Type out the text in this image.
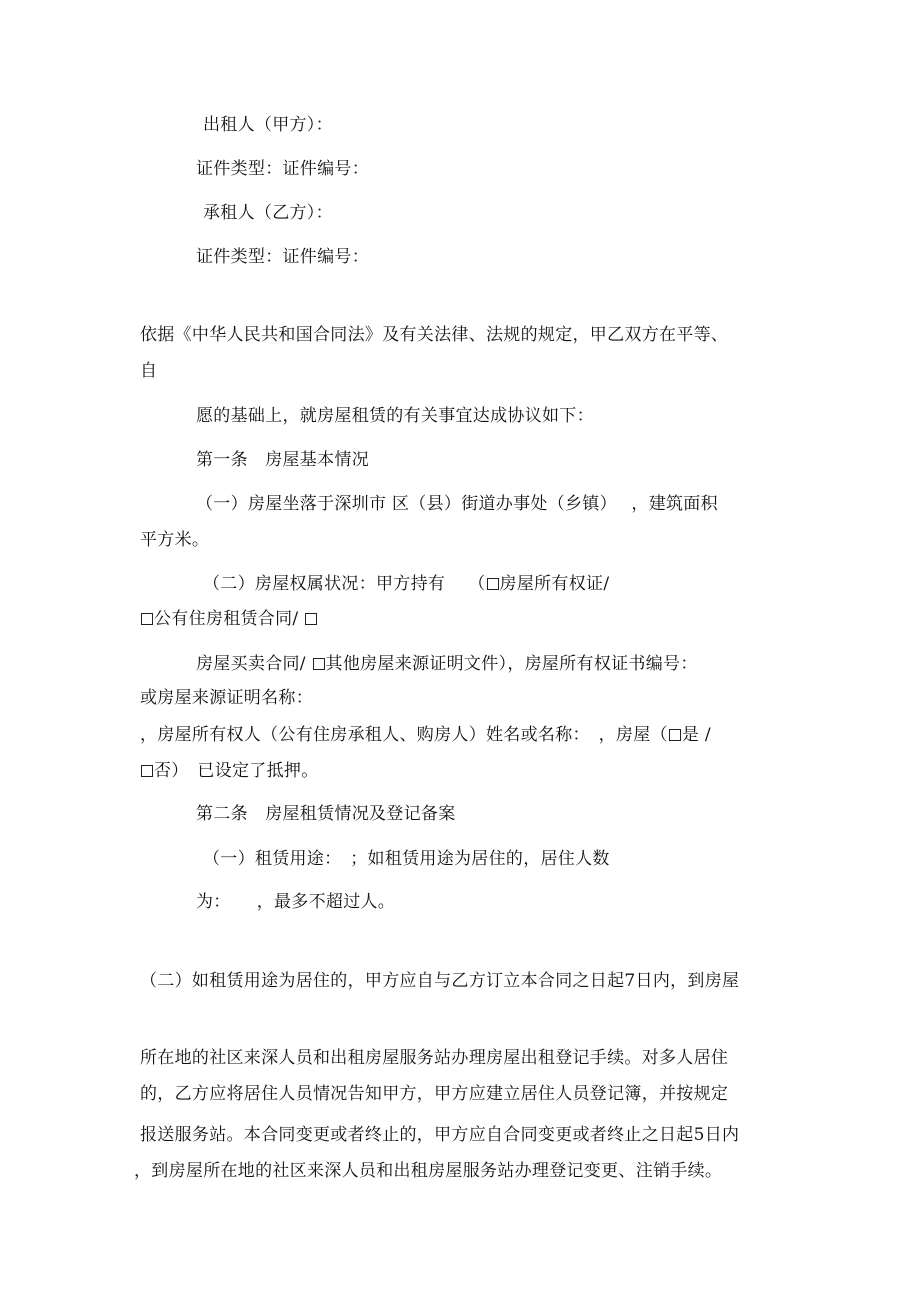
出租人（甲方）：
证件类型：证件编号：
承租人（乙方）：
证件类型：证件编号：
依据《中华人民共和国合同法》及有关法律、法规的规定，甲乙双方在平等、
自
愿的基础上，就房屋租赁的有关事宜达成协议如下：
第一条　房屋基本情况
（一）房屋坐落于深圳市 区（县）街道办事处（乡镇）　 ，建筑面积
平方米。
（二）房屋权属状况：甲方持有　 （ 房屋所有权证/
公有住房租赁合同/
房屋买卖合同/ 其他房屋来源证明文件），房屋所有权证书编号：
或房屋来源证明名称：
，房屋所有权人（公有住房承租人、购房人）姓名或名称：　，房屋（ 是 /
否）　已设定了抵押。
第二条　房屋租赁情况及登记备案
（一）租赁用途：　；如租赁用途为居住的，居住人数
为：　　，最多不超过人。
（二）如租赁用途为居住的，甲方应自与乙方订立本合同之日起7日内，到房屋
所在地的社区来深人员和出租房屋服务站办理房屋出租登记手续。对多人居住
的，乙方应将居住人员情况告知甲方，甲方应建立居住人员登记簿，并按规定
报送服务站。本合同变更或者终止的，甲方应自合同变更或者终止之日起5日内
，到房屋所在地的社区来深人员和出租房屋服务站办理登记变更、注销手续。
